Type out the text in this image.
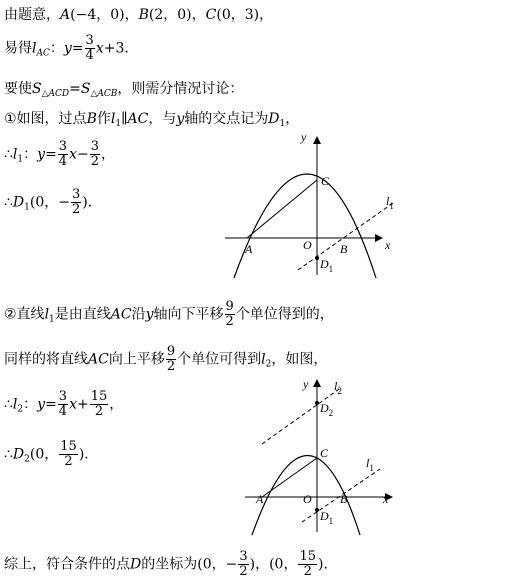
由题意，A(−4，0)，B(2，0)，C(0，3)，
易得$l_{AC}$：$y= \frac{3}{4} x+3$．
要使$S_{\triangle ACD}=S_{\triangle ACB}$，则需分情况讨论：
①如图，过点B作$l_1\parallel AC$，与y轴的交点记为$D_1$，
$\therefore l_1$：$y= \frac{3}{4} x- \frac{3}{2}$ ，
$\therefore D_1(0$，− $\frac{3}{2}$ )．
y
x
C
$l_1$
A	O B
$D_1$
②直线$l_1$是由直线AC沿y轴向下平移 $\frac{9}{2}$ 个单位得到的，
同样的将直线AC向上平移 $\frac{9}{2}$ 个单位可得到$l_2$，如图，
$\therefore l_2$：$y= \frac{3}{4} x+ \frac{15}{2}$ ，
$\therefore D_2(0$， $\frac{15}{2}$ )．
y $l_2$
$D_2$
C
$l_1$
A	O B	x
$D_1$
综上，符合条件的点D的坐标为(0，− $\frac{3}{2}$ )，(0， $\frac{15}{2}$ )．
